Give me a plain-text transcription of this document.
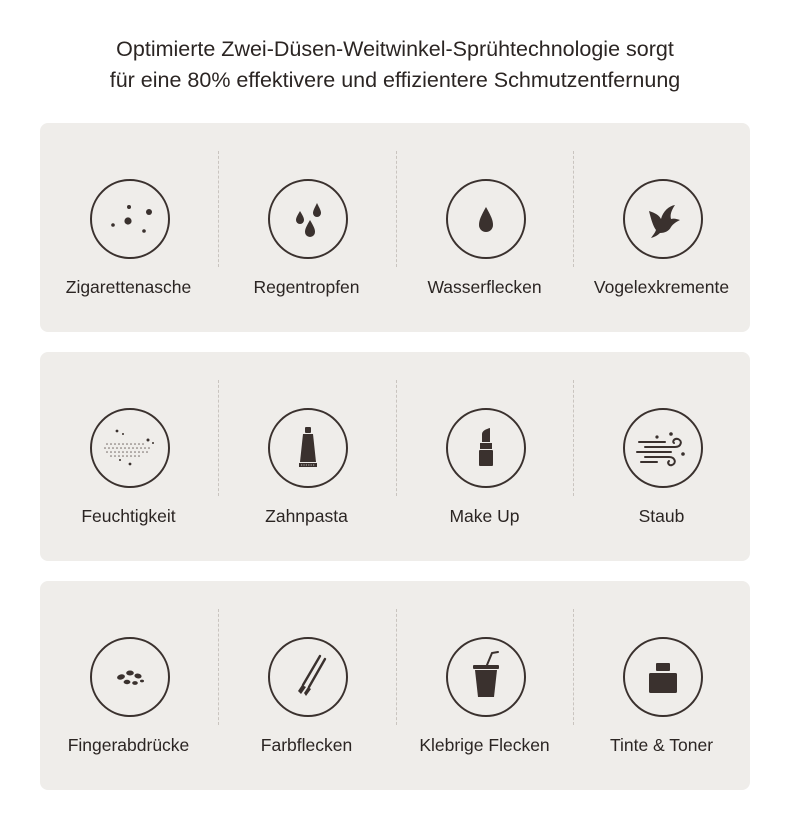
Optimierte Zwei-Düsen-Weitwinkel-Sprühtechnologie sorgt
für eine 80% effektivere und effizientere Schmutzentfernung
Zigarettenasche	Regentropfen	Wasserflecken	Vogelexkremente
Feuchtigkeit	Zahnpasta	Make Up	Staub
Fingerabdrücke	Farbflecken	Klebrige Flecken	Tinte & Toner
